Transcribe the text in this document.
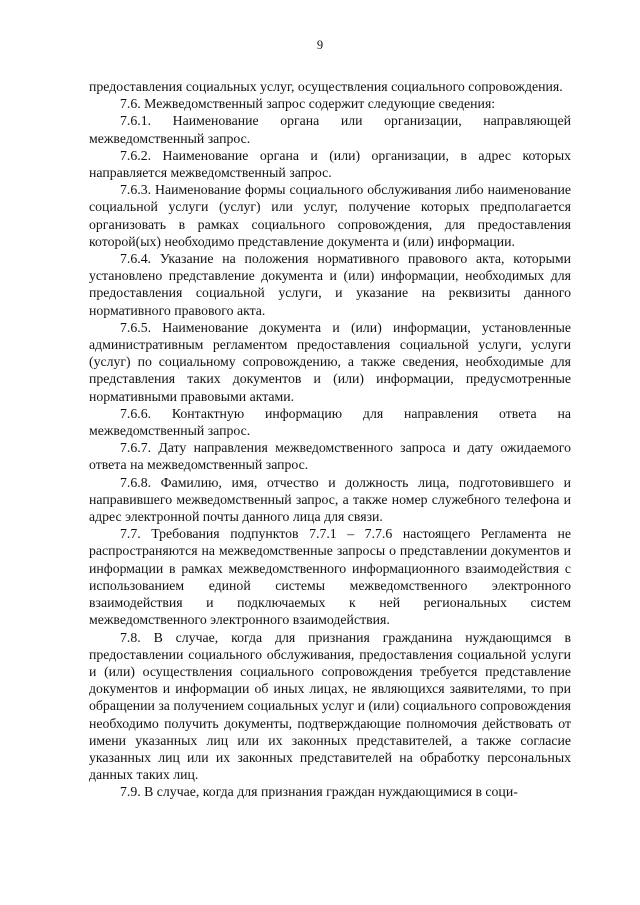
9

предоставления социальных услуг, осуществления социального сопровождения.

7.6. Межведомственный запрос содержит следующие сведения:

7.6.1. Наименование органа или организации, направляющей межведомственный запрос.

7.6.2. Наименование органа и (или) организации, в адрес которых направляется межведомственный запрос.

7.6.3. Наименование формы социального обслуживания либо наименование социальной услуги (услуг) или услуг, получение которых предполагается организовать в рамках социального сопровождения, для предоставления которой(ых) необходимо представление документа и (или) информации.

7.6.4. Указание на положения нормативного правового акта, которыми установлено представление документа и (или) информации, необходимых для предоставления социальной услуги, и указание на реквизиты данного нормативного правового акта.

7.6.5. Наименование документа и (или) информации, установленные административным регламентом предоставления социальной услуги, услуги (услуг) по социальному сопровождению, а также сведения, необходимые для представления таких документов и (или) информации, предусмотренные нормативными правовыми актами.

7.6.6. Контактную информацию для направления ответа на межведомственный запрос.

7.6.7. Дату направления межведомственного запроса и дату ожидаемого ответа на межведомственный запрос.

7.6.8. Фамилию, имя, отчество и должность лица, подготовившего и направившего межведомственный запрос, а также номер служебного телефона и адрес электронной почты данного лица для связи.

7.7. Требования подпунктов 7.7.1 – 7.7.6 настоящего Регламента не распространяются на межведомственные запросы о представлении документов и информации в рамках межведомственного информационного взаимодействия с использованием единой системы межведомственного электронного взаимодействия и подключаемых к ней региональных систем межведомственного электронного взаимодействия.

7.8. В случае, когда для признания гражданина нуждающимся в предоставлении социального обслуживания, предоставления социальной услуги и (или) осуществления социального сопровождения требуется представление документов и информации об иных лицах, не являющихся заявителями, то при обращении за получением социальных услуг и (или) социального сопровождения необходимо получить документы, подтверждающие полномочия действовать от имени указанных лиц или их законных представителей, а также согласие указанных лиц или их законных представителей на обработку персональных данных таких лиц.

7.9. В случае, когда для признания граждан нуждающимися в соци-
